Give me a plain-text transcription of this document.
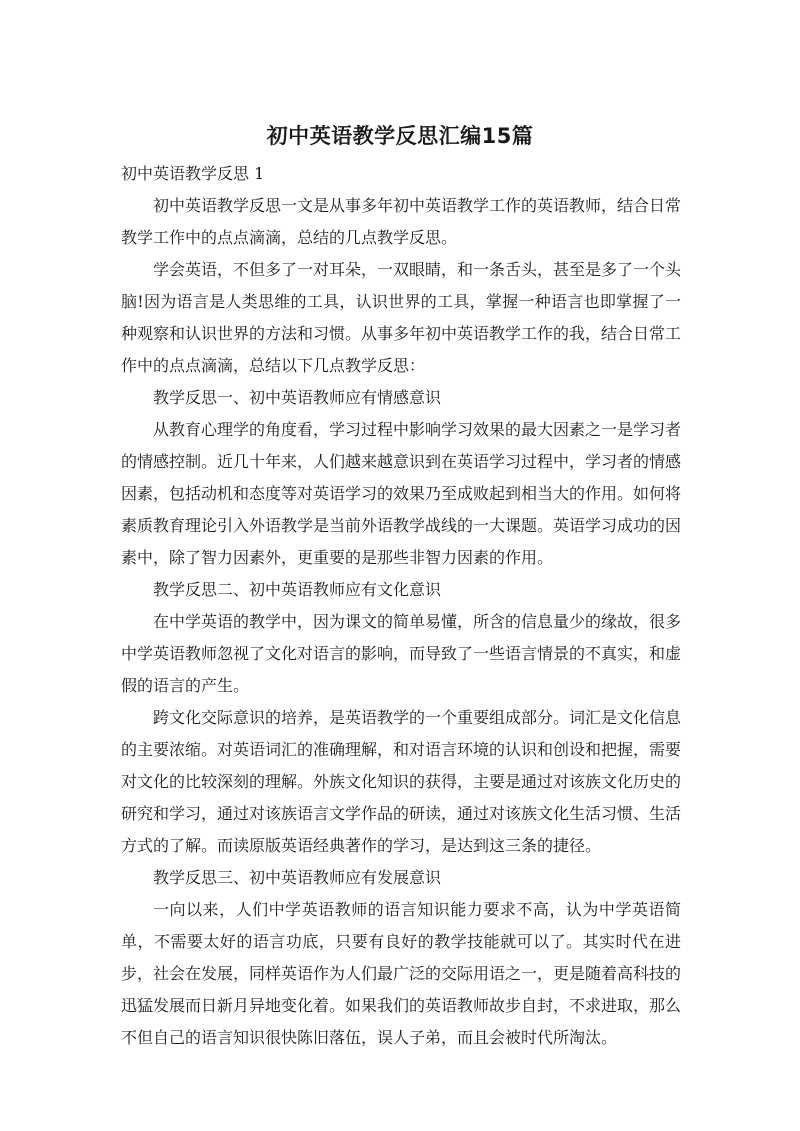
初中英语教学反思汇编15篇

初中英语教学反思 1

初中英语教学反思一文是从事多年初中英语教学工作的英语教师，结合日常教学工作中的点点滴滴，总结的几点教学反思。

学会英语，不但多了一对耳朵，一双眼睛，和一条舌头，甚至是多了一个头脑!因为语言是人类思维的工具，认识世界的工具，掌握一种语言也即掌握了一种观察和认识世界的方法和习惯。从事多年初中英语教学工作的我，结合日常工作中的点点滴滴，总结以下几点教学反思：

教学反思一、初中英语教师应有情感意识

从教育心理学的角度看，学习过程中影响学习效果的最大因素之一是学习者的情感控制。近几十年来，人们越来越意识到在英语学习过程中，学习者的情感因素，包括动机和态度等对英语学习的效果乃至成败起到相当大的作用。如何将素质教育理论引入外语教学是当前外语教学战线的一大课题。英语学习成功的因素中，除了智力因素外，更重要的是那些非智力因素的作用。

教学反思二、初中英语教师应有文化意识

在中学英语的教学中，因为课文的简单易懂，所含的信息量少的缘故，很多中学英语教师忽视了文化对语言的影响，而导致了一些语言情景的不真实，和虚假的语言的产生。

跨文化交际意识的培养，是英语教学的一个重要组成部分。词汇是文化信息的主要浓缩。对英语词汇的准确理解，和对语言环境的认识和创设和把握，需要对文化的比较深刻的理解。外族文化知识的获得，主要是通过对该族文化历史的研究和学习，通过对该族语言文学作品的研读，通过对该族文化生活习惯、生活方式的了解。而读原版英语经典著作的学习，是达到这三条的捷径。

教学反思三、初中英语教师应有发展意识

一向以来，人们中学英语教师的语言知识能力要求不高，认为中学英语简单，不需要太好的语言功底，只要有良好的教学技能就可以了。其实时代在进步，社会在发展，同样英语作为人们最广泛的交际用语之一，更是随着高科技的迅猛发展而日新月异地变化着。如果我们的英语教师故步自封，不求进取，那么不但自己的语言知识很快陈旧落伍，误人子弟，而且会被时代所淘汰。
